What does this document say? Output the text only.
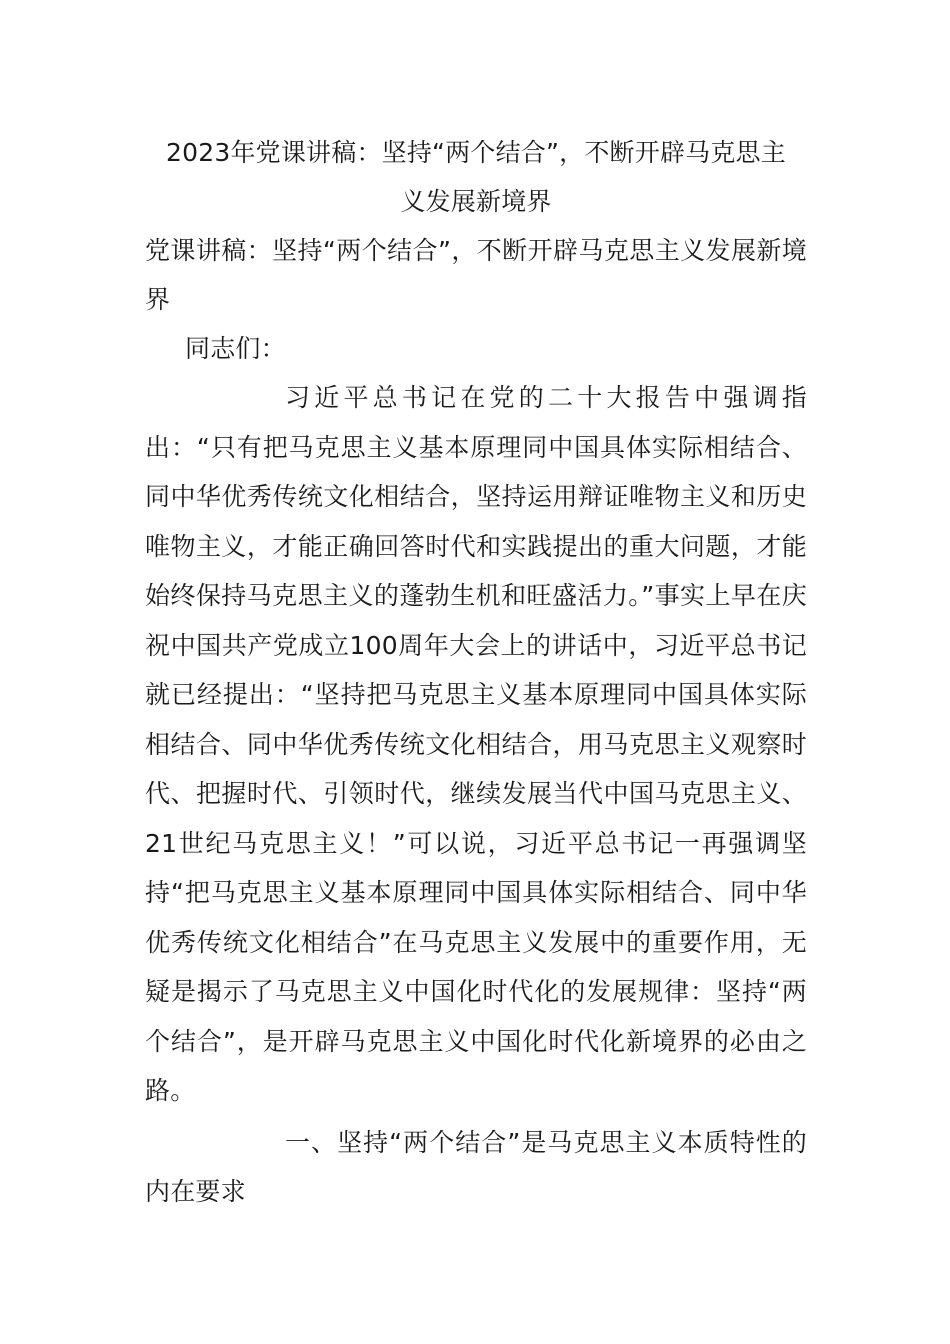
2023年党课讲稿：坚持“两个结合”，不断开辟马克思主
义发展新境界

党课讲稿：坚持“两个结合”，不断开辟马克思主义发展新境界

同志们：

习近平总书记在党的二十大报告中强调指出：“只有把马克思主义基本原理同中国具体实际相结合、同中华优秀传统文化相结合，坚持运用辩证唯物主义和历史唯物主义，才能正确回答时代和实践提出的重大问题，才能始终保持马克思主义的蓬勃生机和旺盛活力。”事实上早在庆祝中国共产党成立100周年大会上的讲话中，习近平总书记就已经提出：“坚持把马克思主义基本原理同中国具体实际相结合、同中华优秀传统文化相结合，用马克思主义观察时代、把握时代、引领时代，继续发展当代中国马克思主义、21世纪马克思主义！”可以说，习近平总书记一再强调坚持“把马克思主义基本原理同中国具体实际相结合、同中华优秀传统文化相结合”在马克思主义发展中的重要作用，无疑是揭示了马克思主义中国化时代化的发展规律：坚持“两个结合”，是开辟马克思主义中国化时代化新境界的必由之路。

一、坚持“两个结合”是马克思主义本质特性的内在要求
